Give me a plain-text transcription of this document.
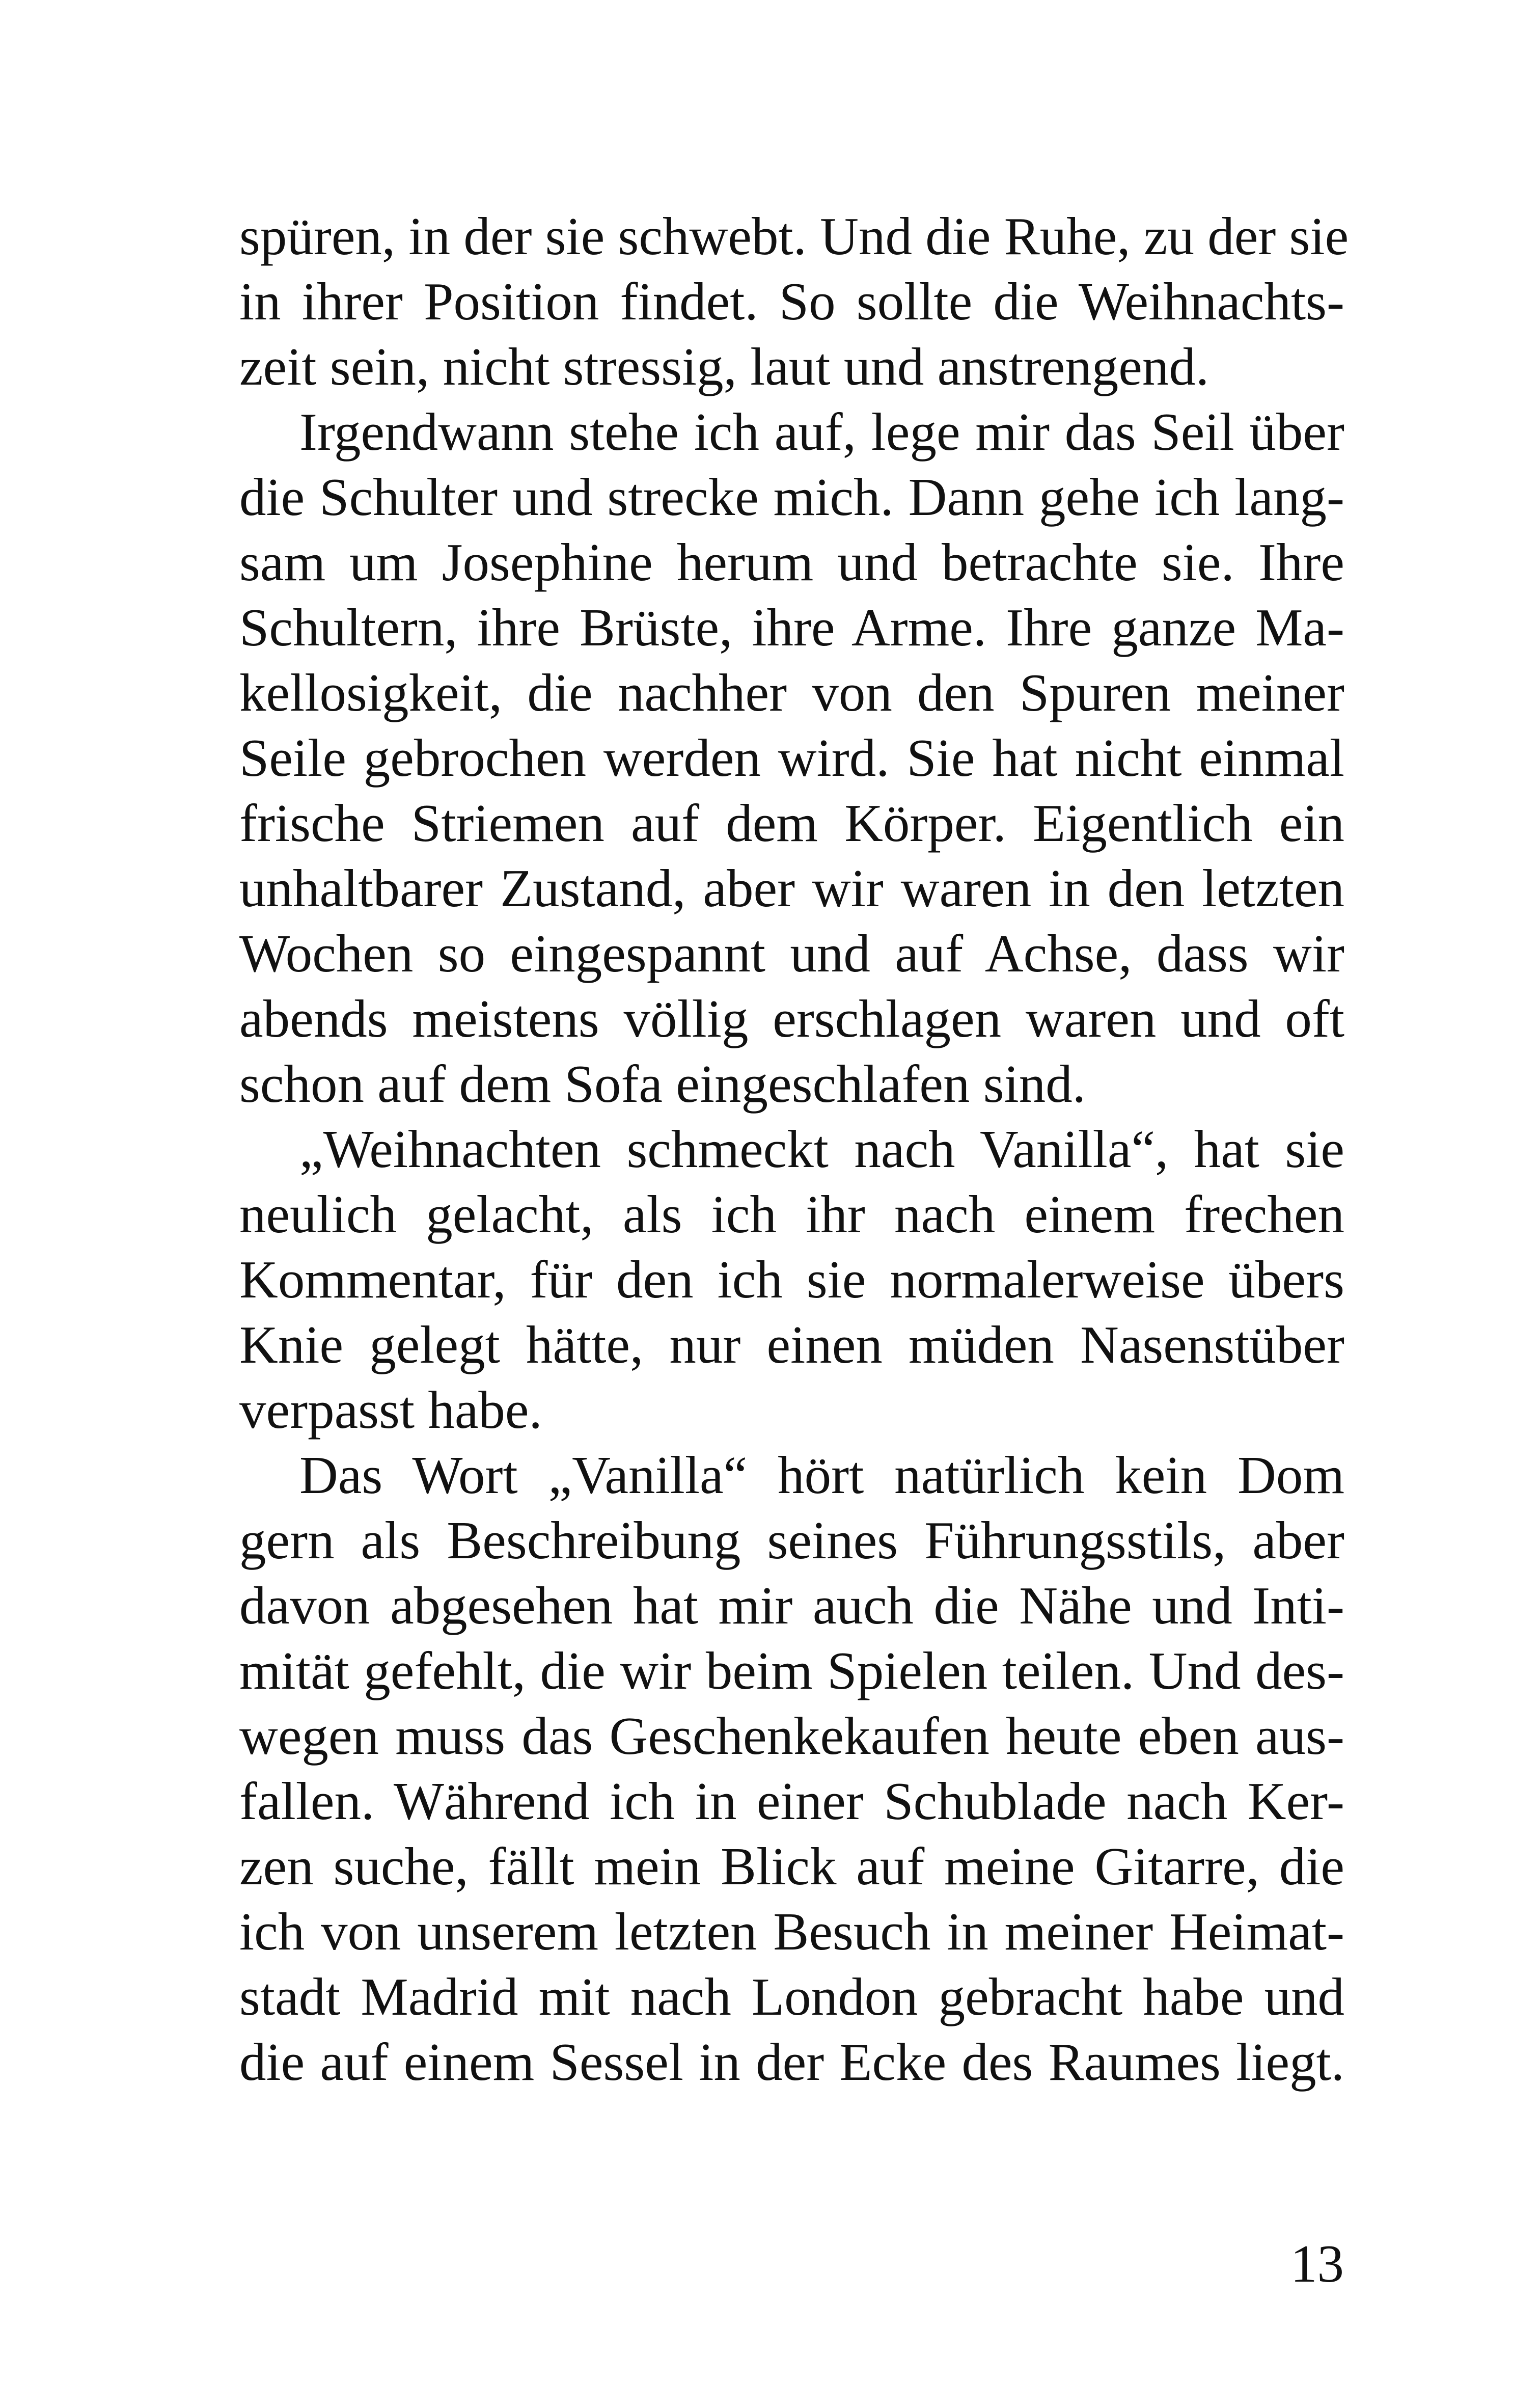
spüren, in der sie schwebt. Und die Ruhe, zu der sie
in ihrer Position findet. So sollte die Weihnachts-
zeit sein, nicht stressig, laut und anstrengend.
Irgendwann stehe ich auf, lege mir das Seil über
die Schulter und strecke mich. Dann gehe ich lang-
sam um Josephine herum und betrachte sie. Ihre
Schultern, ihre Brüste, ihre Arme. Ihre ganze Ma-
kellosigkeit, die nachher von den Spuren meiner
Seile gebrochen werden wird. Sie hat nicht einmal
frische Striemen auf dem Körper. Eigentlich ein
unhaltbarer Zustand, aber wir waren in den letzten
Wochen so eingespannt und auf Achse, dass wir
abends meistens völlig erschlagen waren und oft
schon auf dem Sofa eingeschlafen sind.
„Weihnachten schmeckt nach Vanilla“, hat sie
neulich gelacht, als ich ihr nach einem frechen
Kommentar, für den ich sie normalerweise übers
Knie gelegt hätte, nur einen müden Nasenstüber
verpasst habe.
Das Wort „Vanilla“ hört natürlich kein Dom
gern als Beschreibung seines Führungsstils, aber
davon abgesehen hat mir auch die Nähe und Inti-
mität gefehlt, die wir beim Spielen teilen. Und des-
wegen muss das Geschenkekaufen heute eben aus-
fallen. Während ich in einer Schublade nach Ker-
zen suche, fällt mein Blick auf meine Gitarre, die
ich von unserem letzten Besuch in meiner Heimat-
stadt Madrid mit nach London gebracht habe und
die auf einem Sessel in der Ecke des Raumes liegt.
13
